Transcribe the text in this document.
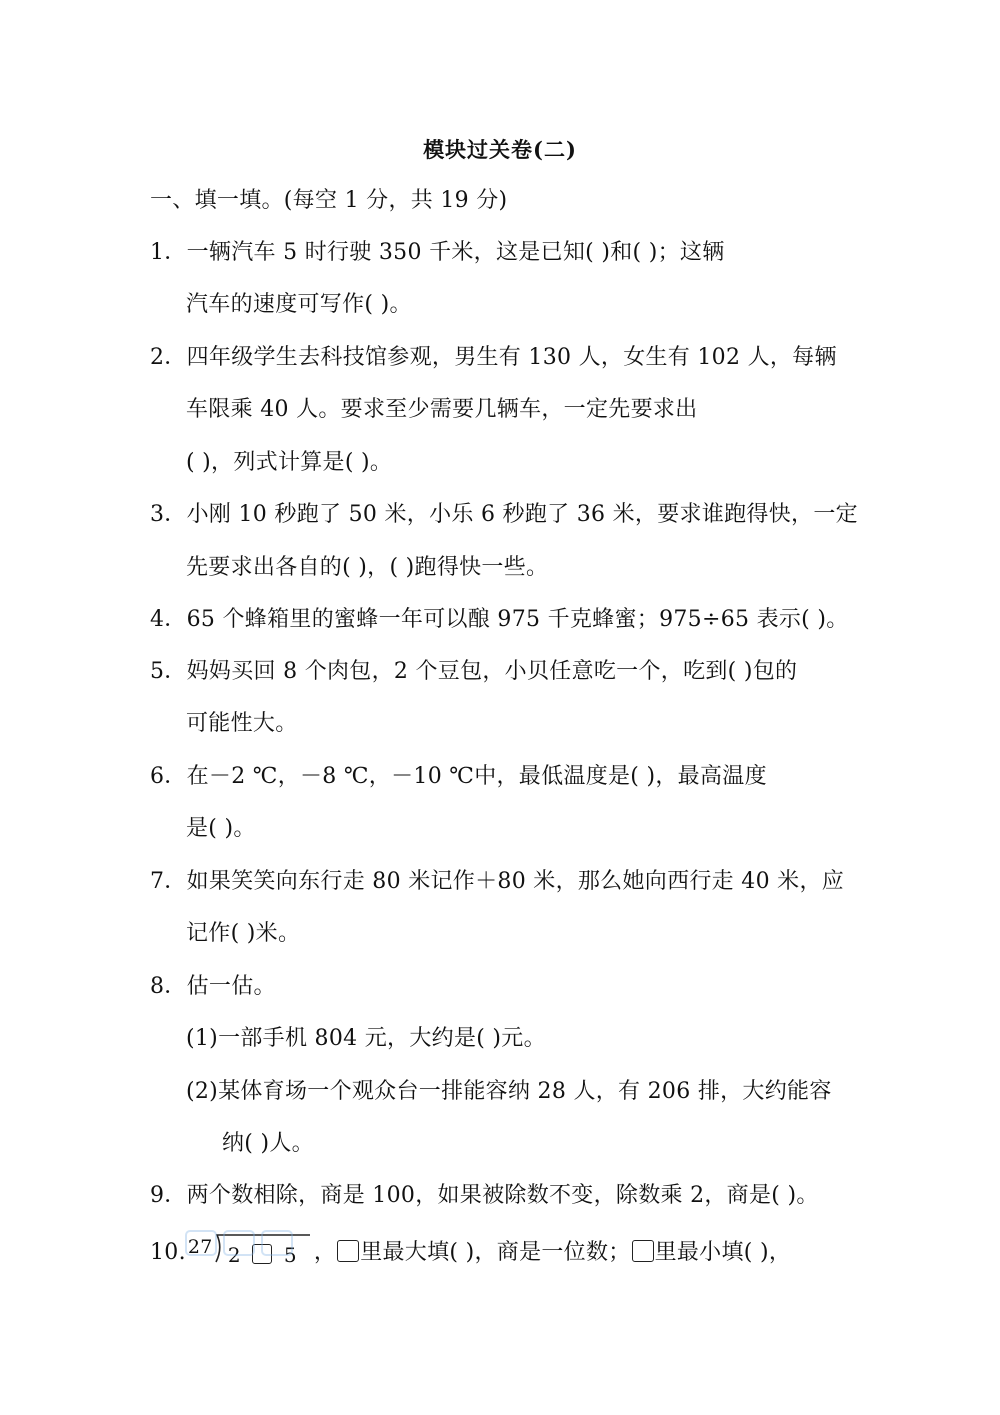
模块过关卷(二)
一、填一填。(每空 1 分，共 19 分)
1．一辆汽车 5 时行驶 350 千米，这是已知( )和( )；这辆
汽车的速度可写作( )。
2．四年级学生去科技馆参观，男生有 130 人，女生有 102 人，每辆
车限乘 40 人。要求至少需要几辆车，一定先要求出
( )，列式计算是( )。
3．小刚 10 秒跑了 50 米，小乐 6 秒跑了 36 米，要求谁跑得快，一定
先要求出各自的( )，( )跑得快一些。
4．65 个蜂箱里的蜜蜂一年可以酿 975 千克蜂蜜；975÷65 表示( )。
5．妈妈买回 8 个肉包，2 个豆包，小贝任意吃一个，吃到( )包的
可能性大。
6．在－2 ℃，－8 ℃，－10 ℃中，最低温度是( )，最高温度
是( )。
7．如果笑笑向东行走 80 米记作＋80 米，那么她向西行走 40 米，应
记作( )米。
8．估一估。
(1)一部手机 804 元，大约是( )元。
(2)某体育场一个观众台一排能容纳 28 人，有 206 排，大约能容
纳( )人。
9．两个数相除，商是 100，如果被除数不变，除数乘 2，商是( )。
10. 27 2 5 ， 里最大填( )，商是一位数； 里最小填( )，
